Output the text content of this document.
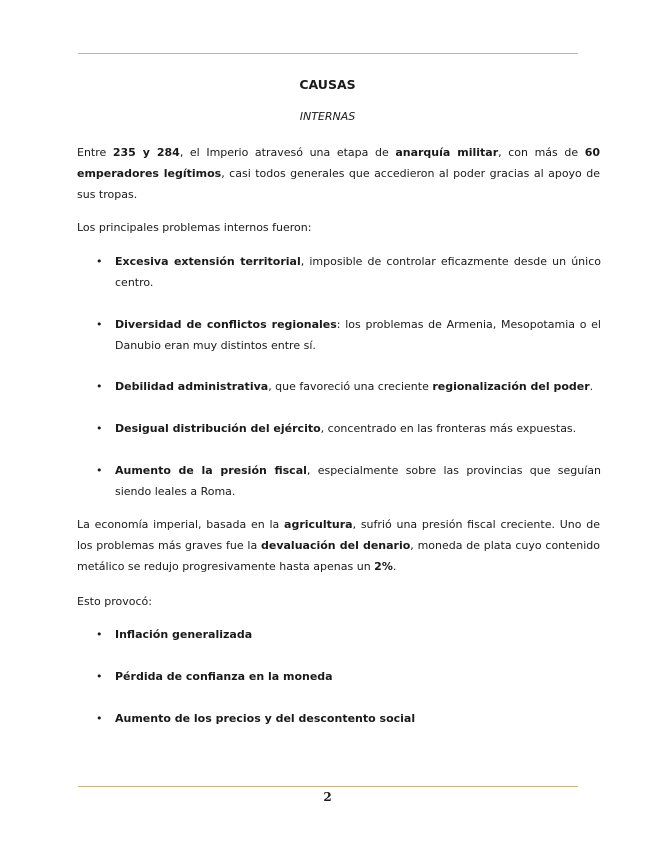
CAUSAS
INTERNAS

Entre 235 y 284, el Imperio atravesó una etapa de anarquía militar, con más de 60 emperadores legítimos, casi todos generales que accedieron al poder gracias al apoyo de sus tropas.

Los principales problemas internos fueron:

• Excesiva extensión territorial, imposible de controlar eficazmente desde un único centro.
• Diversidad de conflictos regionales: los problemas de Armenia, Mesopotamia o el Danubio eran muy distintos entre sí.
• Debilidad administrativa, que favoreció una creciente regionalización del poder.
• Desigual distribución del ejército, concentrado en las fronteras más expuestas.
• Aumento de la presión fiscal, especialmente sobre las provincias que seguían siendo leales a Roma.

La economía imperial, basada en la agricultura, sufrió una presión fiscal creciente. Uno de los problemas más graves fue la devaluación del denario, moneda de plata cuyo contenido metálico se redujo progresivamente hasta apenas un 2%.

Esto provocó:

• Inflación generalizada
• Pérdida de confianza en la moneda
• Aumento de los precios y del descontento social
2
